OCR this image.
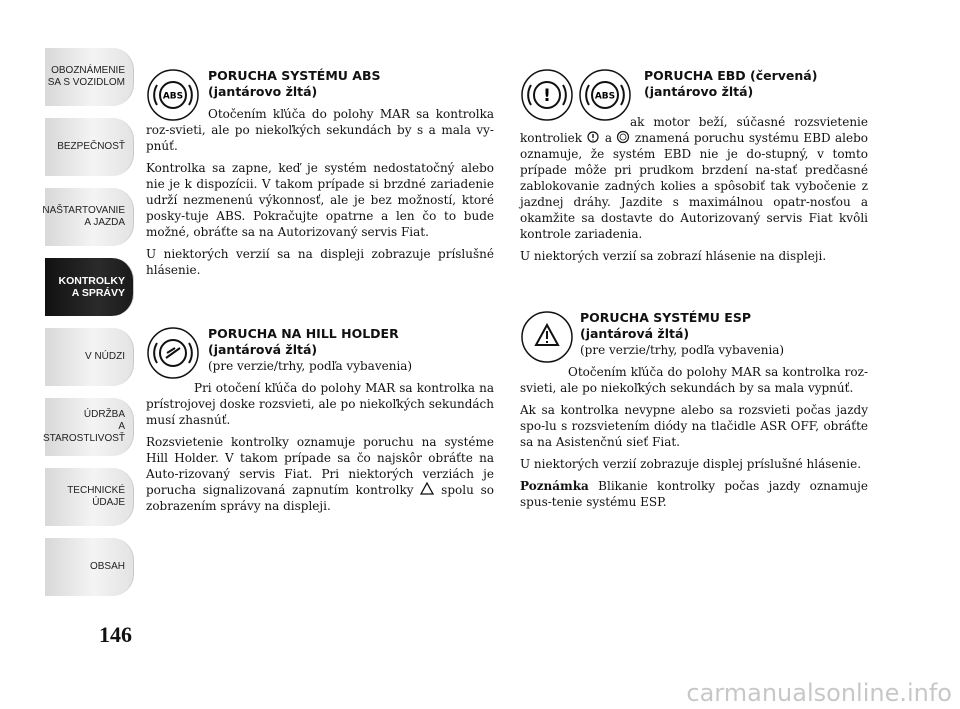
OBOZNÁMENIE
SA S VOZIDLOM
BEZPEČNOSŤ
NAŠTARTOVANIE
A JAZDA
KONTROLKY
A SPRÁVY
V NÚDZI
ÚDRŽBA
A STAROSTLIVOSŤ
TECHNICKÉ
ÚDAJE
OBSAH
146
ABS
PORUCHA SYSTÉMU ABS
(jantárovo žltá)

Otočením kľúča do polohy MAR sa kontrolka roz-svieti, ale po niekoľkých sekundách by s a mala vy-pnúť.

Kontrolka sa zapne, keď je systém nedostatočný alebo nie je k dispozícii. V takom prípade si brzdné zariadenie udrží nezmenenú výkonnosť, ale je bez možností, ktoré posky-tuje ABS. Pokračujte opatrne a len čo to bude možné, obráťte sa na Autorizovaný servis Fiat.

U niektorých verzií sa na displeji zobrazuje príslušné hlásenie.

PORUCHA NA HILL HOLDER
(jantárová žltá)
(pre verzie/trhy, podľa vybavenia)

Pri otočení kľúča do polohy MAR sa kontrolka na prístrojovej doske rozsvieti, ale po niekoľkých sekundách musí zhasnúť.

Rozsvietenie kontrolky oznamuje poruchu na systéme Hill Holder. V takom prípade sa čo najskôr obráťte na Auto-rizovaný servis Fiat. Pri niektorých verziách je porucha signalizovaná zapnutím kontrolky spolu so zobrazením správy na displeji.

!	ABS
PORUCHA EBD (červená)
(jantárovo žltá)

ak motor beží, súčasné rozsvietenie kontroliek a znamená poruchu systému EBD alebo oznamuje, že systém EBD nie je do-stupný, v tomto prípade môže pri prudkom brzdení na-stať predčasné zablokovanie zadných kolies a spôsobiť tak vybočenie z jazdnej dráhy. Jazdite s maximálnou opatr-nosťou a okamžite sa dostavte do Autorizovaný servis Fiat kvôli kontrole zariadenia.

U niektorých verzií sa zobrazí hlásenie na displeji.

PORUCHA SYSTÉMU ESP
(jantárová žltá)
(pre verzie/trhy, podľa vybavenia)

Otočením kľúča do polohy MAR sa kontrolka roz-svieti, ale po niekoľkých sekundách by sa mala vypnúť.

Ak sa kontrolka nevypne alebo sa rozsvieti počas jazdy spo-lu s rozsvietením diódy na tlačidle ASR OFF, obráťte sa na Asistenčnú sieť Fiat.

U niektorých verzií zobrazuje displej príslušné hlásenie.

Poznámka Blikanie kontrolky počas jazdy oznamuje spus-tenie systému ESP.

carmanualsonline.info
